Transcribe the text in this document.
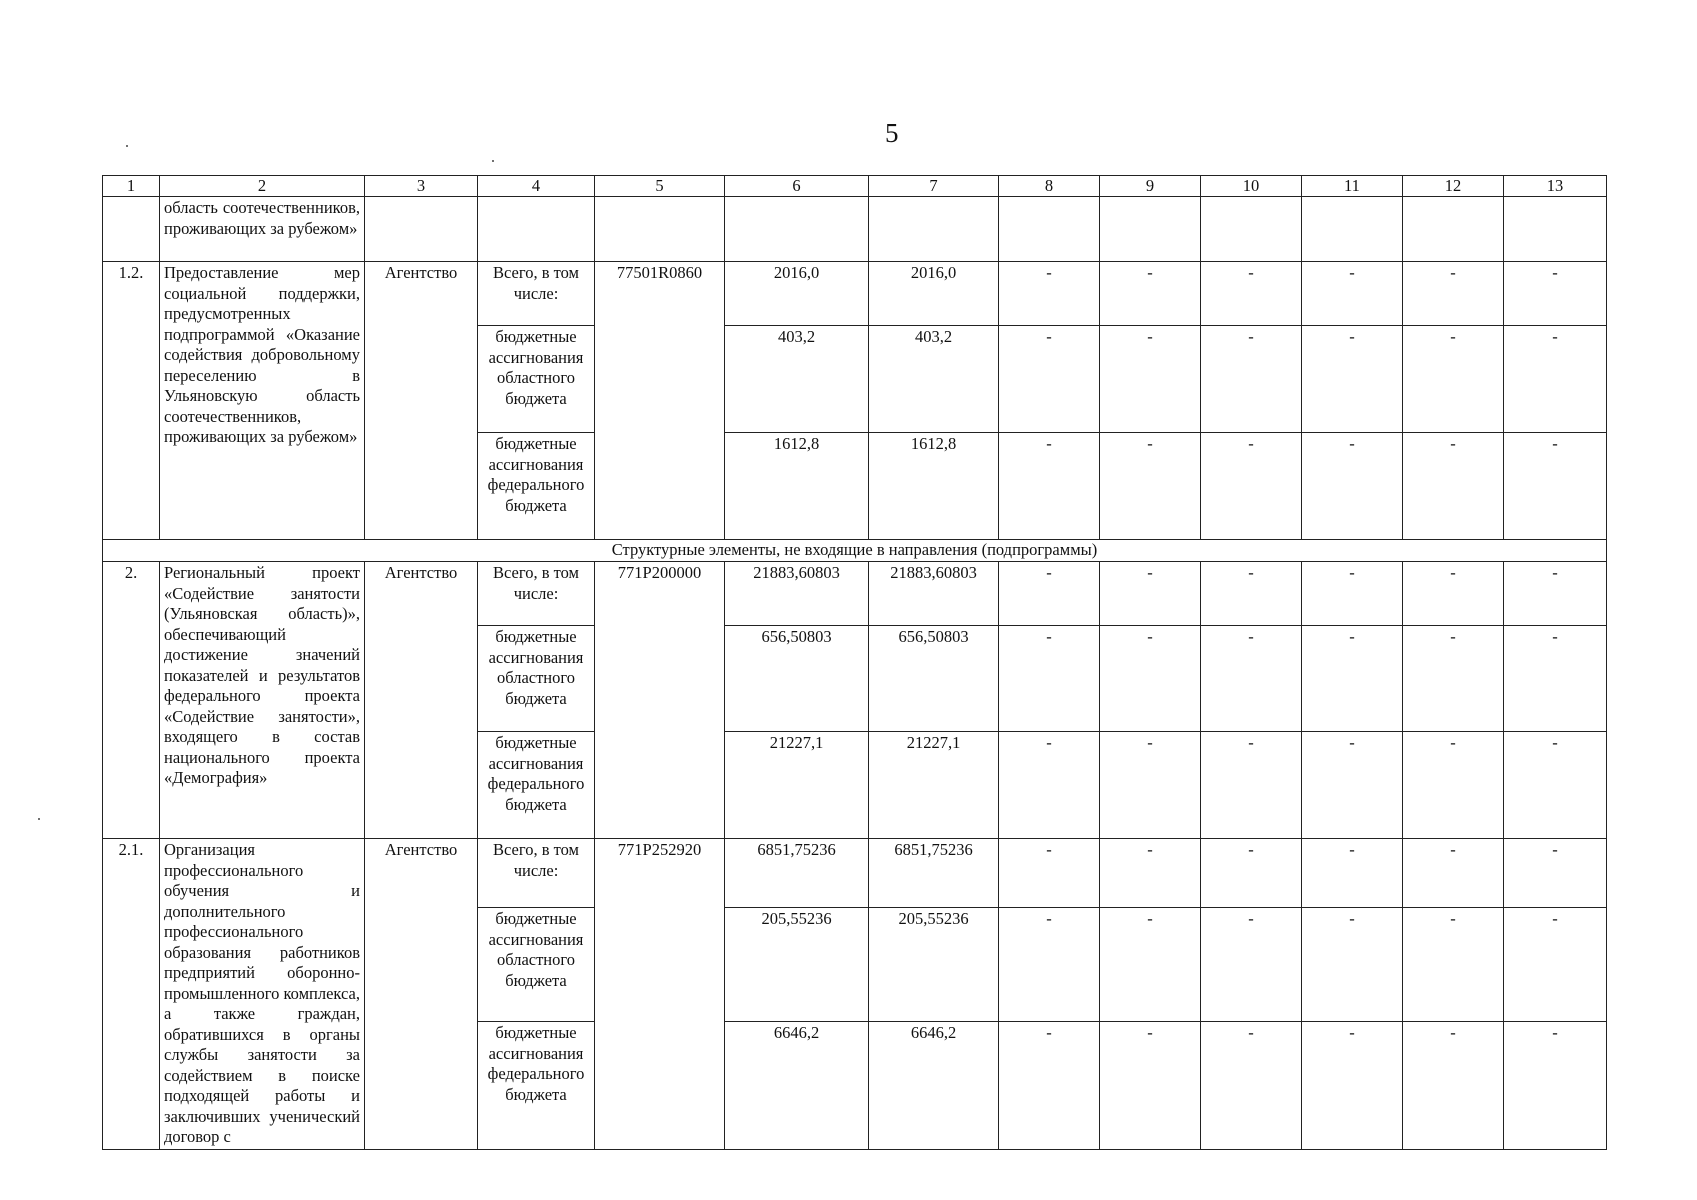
5
1	2	3	4	5	6	7	8	9	10	11	12	13
	область соотечественников, проживающих за рубежом»											
1.2.	Предоставление мер социальной поддержки, предусмотренных подпрограммой «Оказание содействия добровольному переселению в Ульяновскую область соотечественников, проживающих за рубежом»	Агентство	Всего, в том числе:	77501R0860	2016,0	2016,0	-	-	-	-	-	-
			бюджетные ассигнования областного бюджета		403,2	403,2	-	-	-	-	-	-
			бюджетные ассигнования федерального бюджета		1612,8	1612,8	-	-	-	-	-	-
Структурные элементы, не входящие в направления (подпрограммы)												
2.	Региональный проект «Содействие занятости (Ульяновская область)», обеспечивающий достижение значений показателей и результатов федерального проекта «Содействие занятости», входящего в состав национального проекта «Демография»	Агентство	Всего, в том числе:	771P200000	21883,60803	21883,60803	-	-	-	-	-	-
			бюджетные ассигнования областного бюджета		656,50803	656,50803	-	-	-	-	-	-
			бюджетные ассигнования федерального бюджета		21227,1	21227,1	-	-	-	-	-	-
2.1.	Организация профессионального обучения и дополнительного профессионального образования работников предприятий оборонно-промышленного комплекса, а также граждан, обратившихся в органы службы занятости за содействием в поиске подходящей работы и заключивших ученический договор с	Агентство	Всего, в том числе:	771P252920	6851,75236	6851,75236	-	-	-	-	-	-
			бюджетные ассигнования областного бюджета		205,55236	205,55236	-	-	-	-	-	-
			бюджетные ассигнования федерального бюджета		6646,2	6646,2	-	-	-	-	-	-
